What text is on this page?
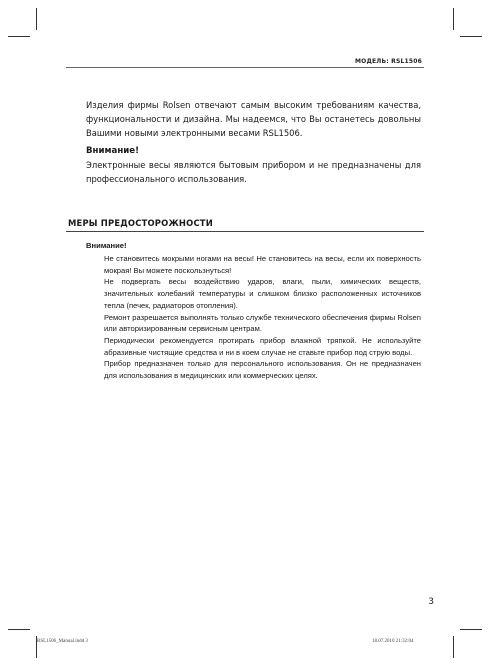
МОДЕЛЬ: RSL1506

Изделия фирмы Rolsen отвечают самым высоким требованиям качества, функциональности и дизайна. Мы надеемся, что Вы останетесь довольны Вашими новыми электронными весами RSL1506.

Внимание!

Электронные весы являются бытовым прибором и не предназначены для профессионального использования.

МЕРЫ ПРЕДОСТОРОЖНОСТИ

Внимание!

Не становитесь мокрыми ногами на весы! Не становитесь на весы, если их поверхность мокрая! Вы можете поскользнуться!
Не подвергать весы воздействию ударов, влаги, пыли, химических веществ, значительных колебаний температуры и слишком близко расположенных источников тепла (печек, радиаторов отопления).
Ремонт разрешается выполнять только службе технического обеспечения фирмы Rolsen или авторизированным сервисным центрам.
Периодически рекомендуется протирать прибор влажной тряпкой. Не используйте абразивные чистящие средства и ни в коем случае не ставьте прибор под струю воды.
Прибор предназначен только для персонального использования. Он не предназначен для использования в медицинских или коммерческих целях.
3
RSL1506_Manual.indd 3	18.07.2010 21:32:04
